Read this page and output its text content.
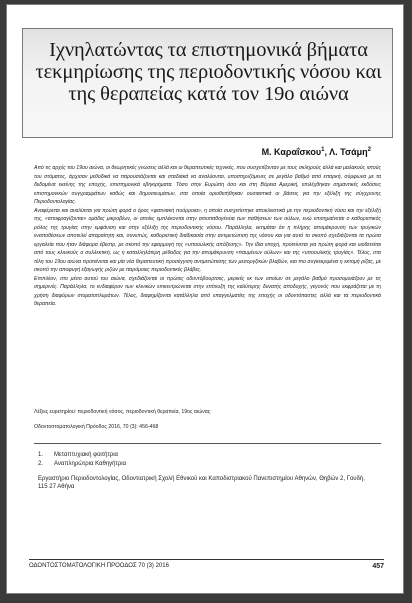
Ιχνηλατώντας τα επιστημονικά βήματα τεκμηρίωσης της περιοδοντικής νόσου και της θεραπείας κατά τον 19ο αιώνα
Μ. Καραΐσκου$^1$, Λ. Τσάμη$^2$

Από τις αρχές του 19ου αιώνα, οι θεωρητικές γνώσεις αλλά και οι θεραπευτικές τεχνικές, που συσχετίζονταν με τους σκληρούς αλλά και μαλακούς ιστούς του στόματος, άρχισαν μεθοδικά να παρουσιάζονται και σταδιακά να αναλύονται, υποστηριζόμενες σε μεγάλο βαθμό από επαρκή, σύμφωνα με τα δεδομένα εκείνης της εποχής, επιστημονικά εβηκιρήματα. Τόσο στην Ευρώπη όσο και στη Βόρεια Αμερική, επιλέχθηκαν σημαντικές εκδόσεις επιστημονικών συγγραμμάτων καθώς και δημοσιευμάτων, στα οποία οριοθετήθηκαν ουσιαστικά οι βάσεις για την εξέλιξη της σύγχρονης Περιοδοντολογίας.

Αναφέρεται και αναλύεται για πρώτη φορά ο όρος «φατνιακή πυόρροια», η οποία συσχετίστηκε αποκλειστικά με την περιοδοντική νόσο και την εξέλιξή της, «αποφραγίζονται» ομάδες μικροβίων, οι οποίες εμπλέκονται στην αιτιοπαθογένεια των παθήσεων των ούλων, ενώ επισημαίνεται ο καθοριστικός ρόλος της τρυγίας στην εμφάνιση και στην εξέλιξη της περιοδοντικής νόσου. Παράλληλα, εκτιμάται ότι η πλήρης απομάκρυνση των τρυγικών εναποθέσεων αποτελεί απαραίτητη και, συνεπώς, καθοριστική διαδικασία στην αντιμετώπιση της νόσου και για αυτό το σκοπό σχεδιάζονται τα πρώτα εργαλεία που ήταν διάφορα έβεστρ, με σκοπό την εφαρμογή της «υποουλικής απόξεσης». Την ίδια εποχή, προτείνεται για πρώτη φορά και υιοθετείται από τους κλινικούς ο συλλεκτική, ως η καταλληλότερη μέθοδος για την απομάκρυνση «παυμένων ούλων» και της «υποουλικής τρυγίας». Τέλος, στα τέλη του 19ου αιώνα προτείνεται και μία νέα θεραπευτική προσέγγιση αντιμετώπισης των μεσοργζικών βλαβών, και πιο συγκεκριμένα η εκτομή ρίζας, με σκοπό την αποφυγή εξαγωγής ριζών με παρόμοιες περιοδοντικές βλάβες.

Επιπλέον, στο μέσο αυτού του αιώνα, σχεδιάζονται οι πρώτες οδοντόβουρτσες, μερικές εκ των οποίων σε μεγάλο βαθμό προσομοιάζουν με τις σημερινές. Παράλληλα, το ενδιαφέρον των κλινικών επικεντρώνεται στην επίτευξη της καλύτερης δυνατής αποδοχής, γεγονός που εκφράζεται με τη χρήση διαφόρων στοματοπλυμάτων. Τέλος, διαφημίζονται κατάλληλα από επαγγελματίες της εποχής οι οδοντόπαστες αλλά και τα περιοδοντικά θεραπεία.

Λέξεις ευρετηρίου: περιοδοντική νόσος, περιοδοντική θεραπεία, 19ος αιώνας
Οδοντοστοματολογική Πρόοδος 2016, 70 (3): 456-468
1.	Μεταπτυχιακή φοιτήτρια
2.	Αναπληρώτρια Καθηγήτρια
Εργαστήριο Περιοδοντολογίας, Οδοντιατρική Σχολή Εθνικού και Καποδιστριακού Πανεπιστημίου Αθηνών, Θηβών 2, Γουδή, 115 27 Αθήνα
ΟΔΟΝΤΟΣΤΟΜΑΤΟΛΟΓΙΚΗ ΠΡΟΟΔΟΣ 70 (3) 2016	457
